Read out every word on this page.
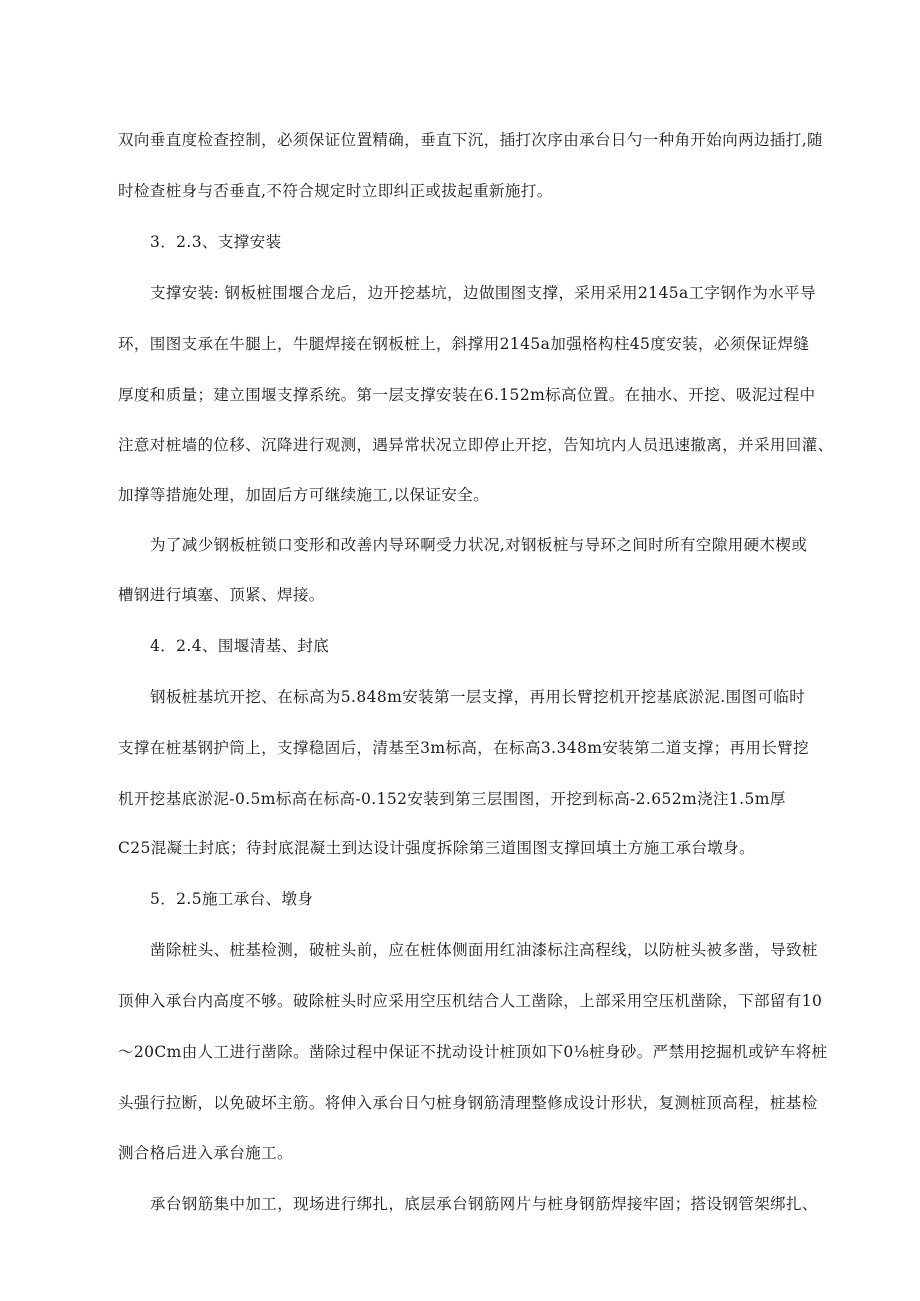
双向垂直度检查控制，必须保证位置精确，垂直下沉，插打次序由承台日勺一种角开始向两边插打,随
时检查桩身与否垂直,不符合规定时立即纠正或拔起重新施打。
3．2.3、支撑安装
支撑安装: 钢板桩围堰合龙后，边开挖基坑，边做围图支撑，采用采用2145a工字钢作为水平导
环，围图支承在牛腿上，牛腿焊接在钢板桩上，斜撑用2145a加强格构柱45度安装，必须保证焊缝
厚度和质量；建立围堰支撑系统。第一层支撑安装在6.152m标高位置。在抽水、开挖、吸泥过程中
注意对桩墙的位移、沉降进行观测，遇异常状况立即停止开挖，告知坑内人员迅速撤离，并采用回灌、
加撑等措施处理，加固后方可继续施工,以保证安全。
为了减少钢板桩锁口变形和改善内导环啊受力状况,对钢板桩与导环之间时所有空隙用硬木楔或
槽钢进行填塞、顶紧、焊接。
4．2.4、围堰清基、封底
钢板桩基坑开挖、在标高为5.848m安装第一层支撑，再用长臂挖机开挖基底淤泥.围图可临时
支撑在桩基钢护筒上，支撑稳固后，清基至3m标高，在标高3.348m安装第二道支撑；再用长臂挖
机开挖基底淤泥-0.5m标高在标高-0.152安装到第三层围图，开挖到标高-2.652m浇注1.5m厚
C25混凝土封底；待封底混凝土到达设计强度拆除第三道围图支撑回填土方施工承台墩身。
5．2.5施工承台、墩身
凿除桩头、桩基检测，破桩头前，应在桩体侧面用红油漆标注高程线，以防桩头被多凿，导致桩
顶伸入承台内高度不够。破除桩头时应采用空压机结合人工凿除，上部采用空压机凿除，下部留有10
～20Cm由人工进行凿除。凿除过程中保证不扰动设计桩顶如下0⅛桩身砂。严禁用挖掘机或铲车将桩
头强行拉断，以免破坏主筋。将伸入承台日勺桩身钢筋清理整修成设计形状，复测桩顶高程，桩基检
测合格后进入承台施工。
承台钢筋集中加工，现场进行绑扎，底层承台钢筋网片与桩身钢筋焊接牢固；搭设钢管架绑扎、
